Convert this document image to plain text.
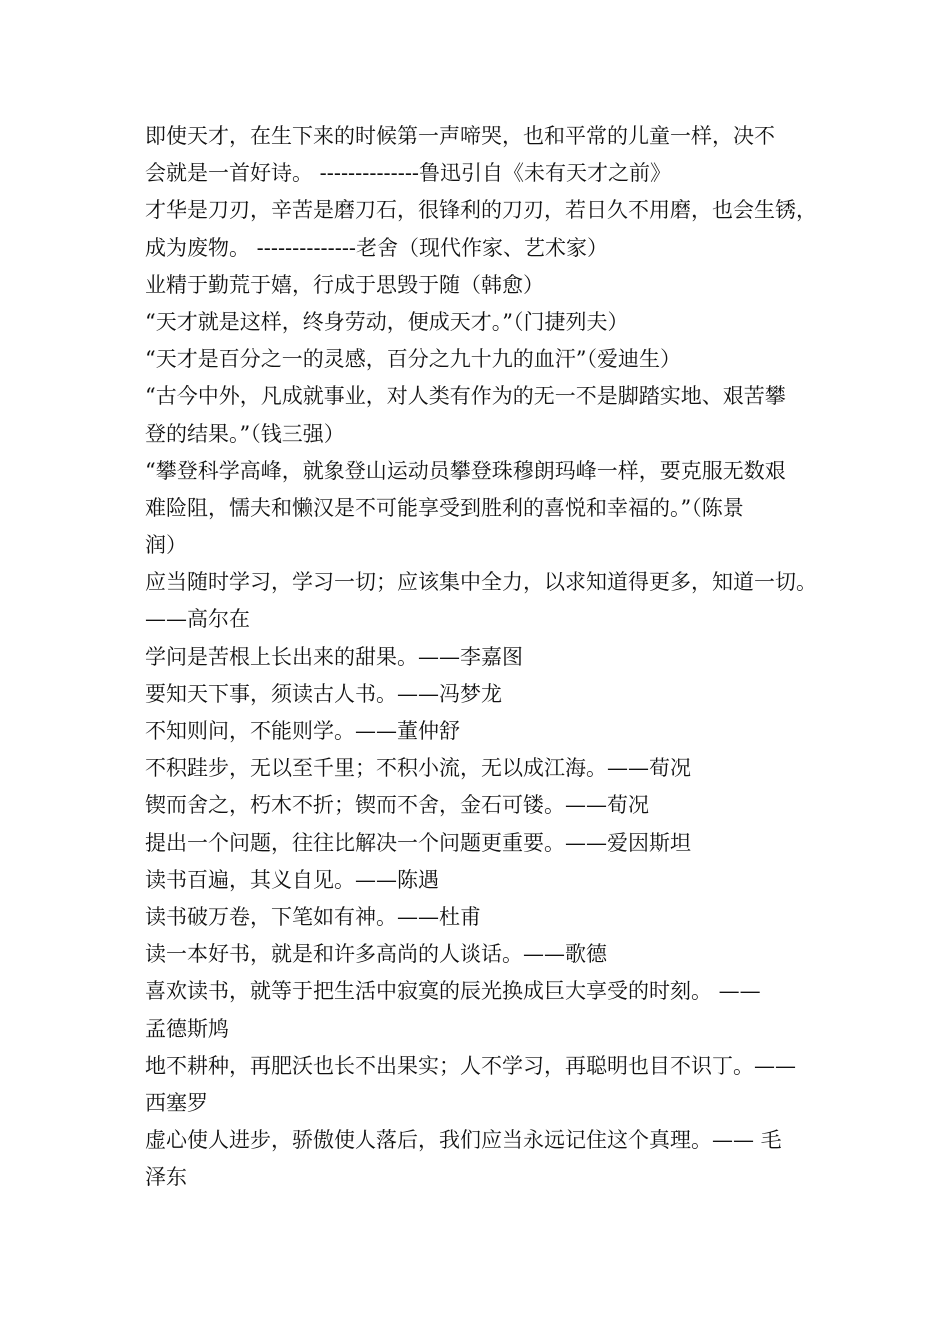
即使天才，在生下来的时候第一声啼哭，也和平常的儿童一样，决不
会就是一首好诗。 --------------鲁迅引自《未有天才之前》
才华是刀刃，辛苦是磨刀石，很锋利的刀刃，若日久不用磨，也会生锈，
成为废物。 --------------老舍（现代作家、艺术家）
业精于勤荒于嬉，行成于思毁于随（韩愈）
“天才就是这样，终身劳动，便成天才。”（门捷列夫）
“天才是百分之一的灵感，百分之九十九的血汗”（爱迪生）
“古今中外，凡成就事业，对人类有作为的无一不是脚踏实地、艰苦攀
登的结果。”（钱三强）
“攀登科学高峰，就象登山运动员攀登珠穆朗玛峰一样，要克服无数艰
难险阻，懦夫和懒汉是不可能享受到胜利的喜悦和幸福的。”（陈景
润）
应当随时学习，学习一切；应该集中全力，以求知道得更多，知道一切。
——高尔在
学问是苦根上长出来的甜果。——李嘉图
要知天下事，须读古人书。——冯梦龙
不知则问，不能则学。——董仲舒
不积跬步，无以至千里；不积小流，无以成江海。——荀况
锲而舍之，朽木不折；锲而不舍，金石可镂。——荀况
提出一个问题，往往比解决一个问题更重要。——爱因斯坦
读书百遍，其义自见。——陈遇
读书破万卷，下笔如有神。——杜甫
读一本好书，就是和许多高尚的人谈话。——歌德
喜欢读书，就等于把生活中寂寞的辰光换成巨大享受的时刻。 ——
孟德斯鸠
地不耕种，再肥沃也长不出果实；人不学习，再聪明也目不识丁。——
西塞罗
虚心使人进步，骄傲使人落后，我们应当永远记住这个真理。—— 毛
泽东
